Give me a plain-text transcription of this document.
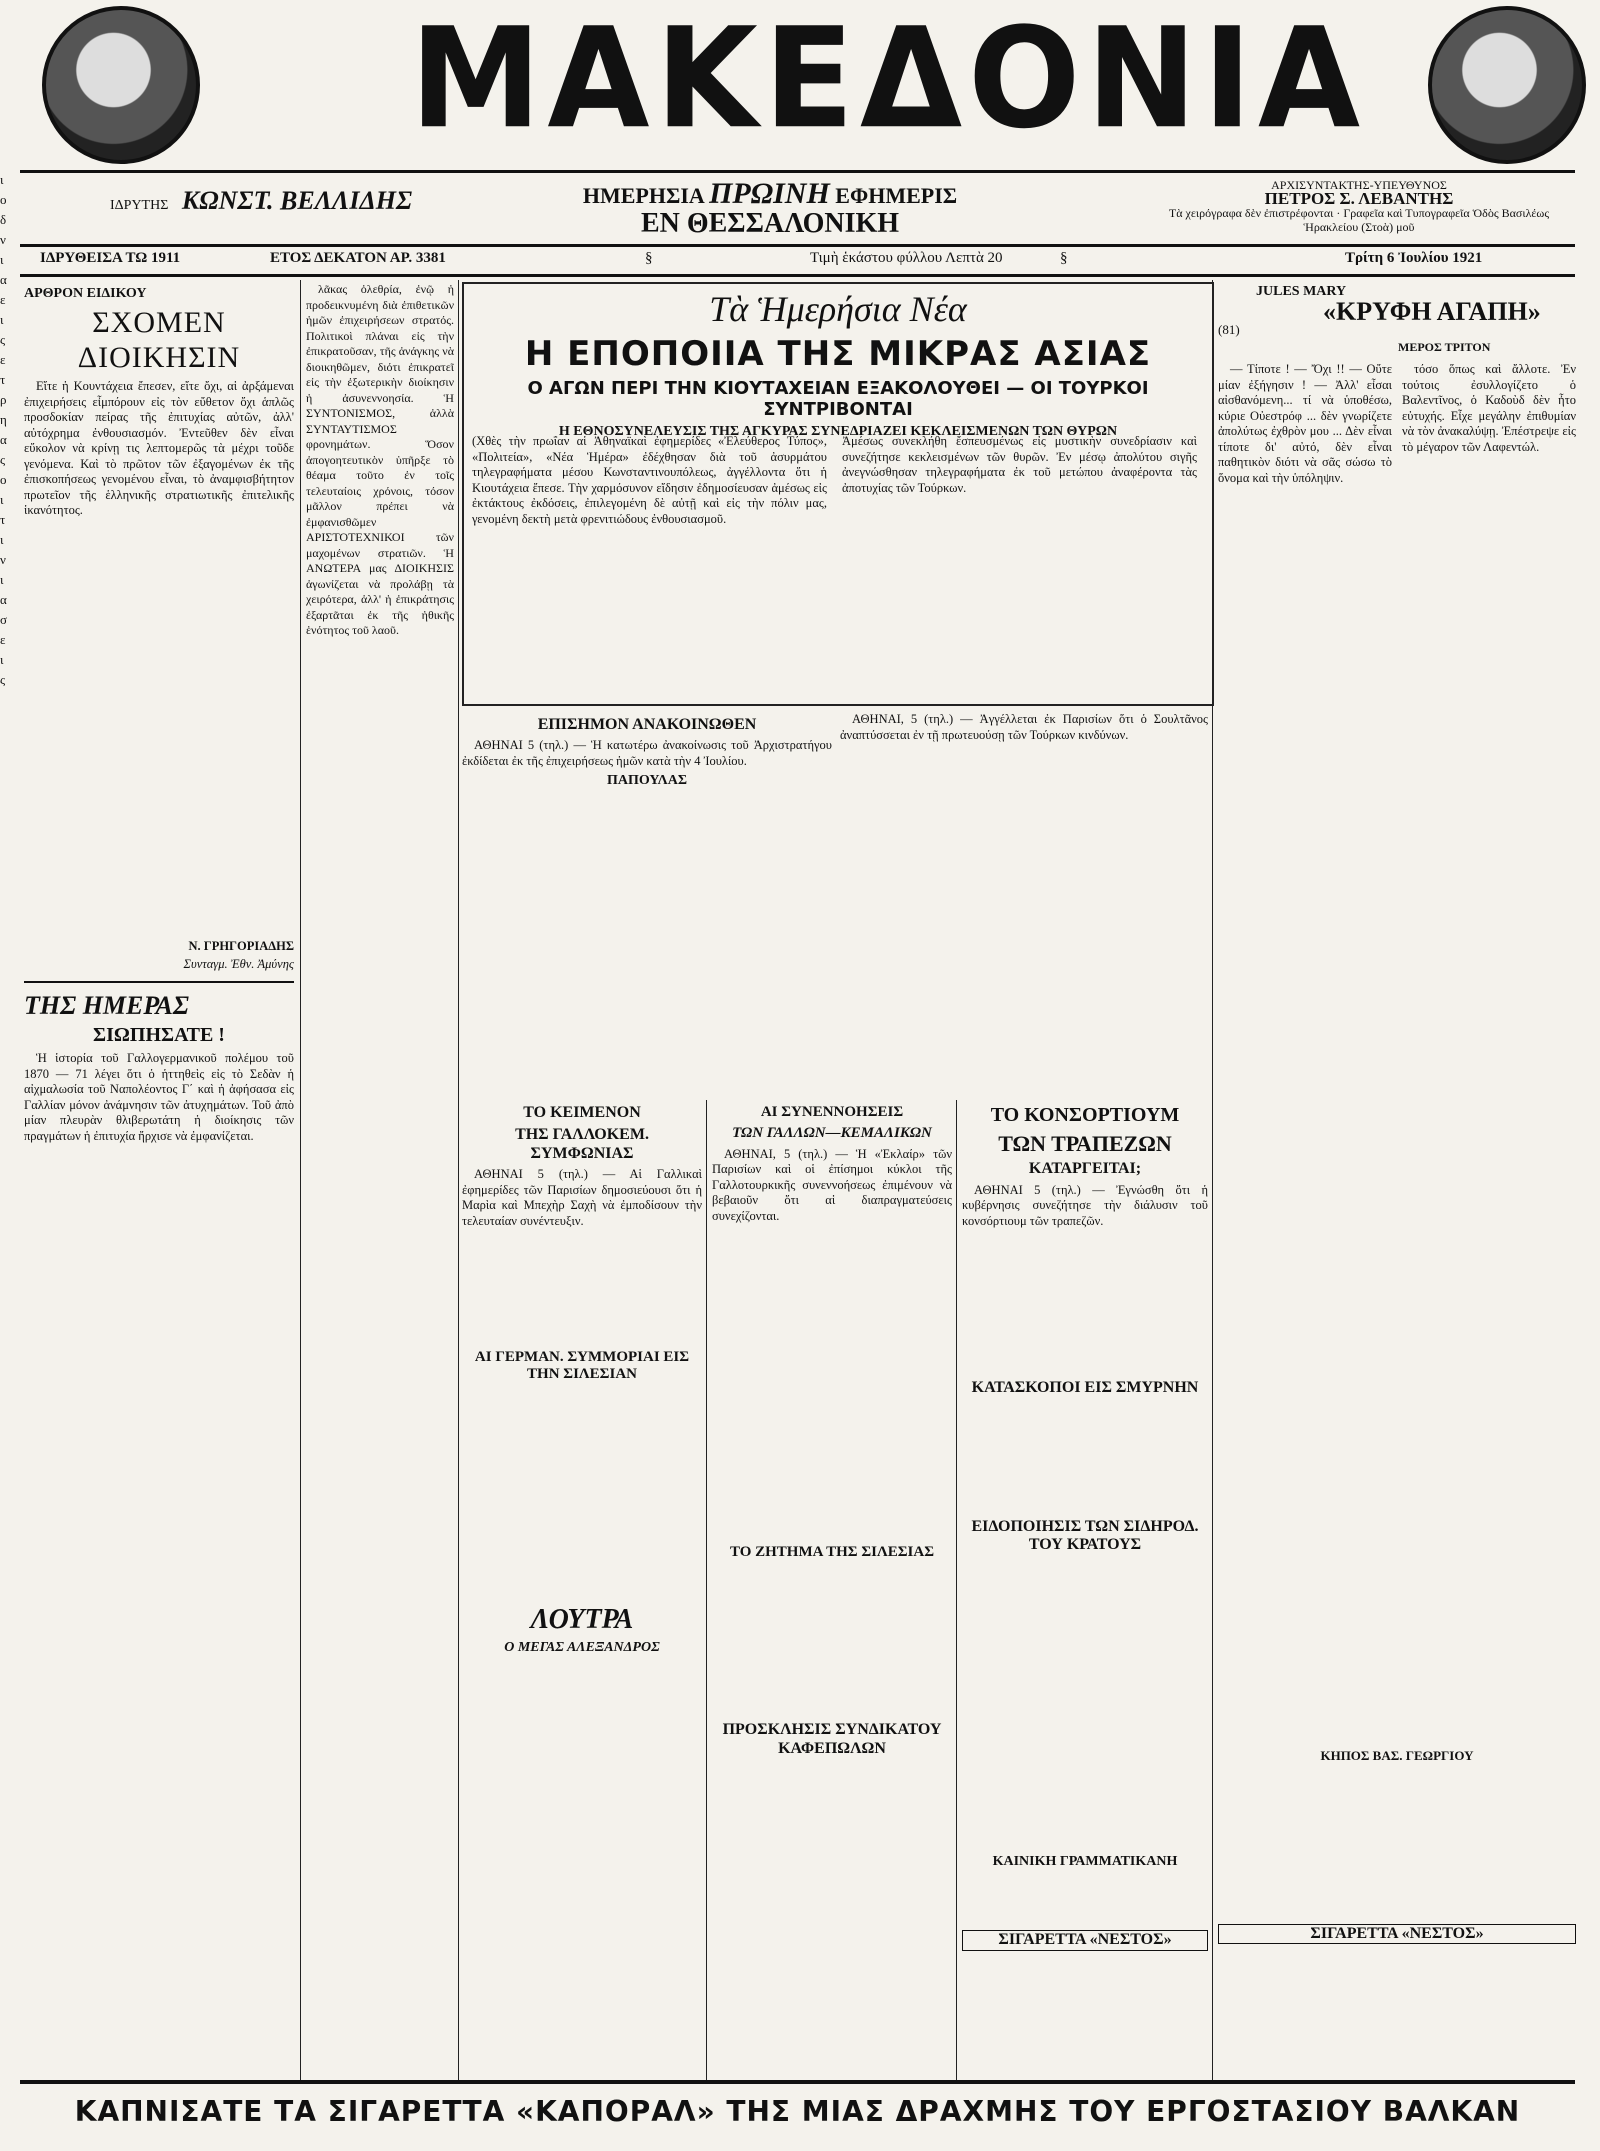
ι
ο
δ
ν
ι
α
ε
ι
ς
ε
τ
ρ
η
α
ς
ο
ι
τ
ι
ν
ι
α
σ
ε
ι
ς
ΜΑΚΕΔΟΝΙΑ
ΙΔΡΥΤΗΣ ΚΩΝΣΤ. ΒΕΛΛΙΔΗΣ	ΗΜΕΡΗΣΙΑ ΠΡΩΙΝΗ ΕΦΗΜΕΡΙΣ
ΕΝ ΘΕΣΣΑΛΟΝΙΚΗ
ΑΡΧΙΣΥΝΤΑΚΤΗΣ-ΥΠΕΥΘΥΝΟΣ
ΠΕΤΡΟΣ Σ. ΛΕΒΑΝΤΗΣ
Τὰ χειρόγραφα δὲν ἐπιστρέφονται · Γραφεῖα καὶ Τυπογραφεῖα Ὁδὸς Βασιλέως Ἡρακλείου (Στοὰ) μοῦ
ΙΔΡΥΘΕΙΣΑ ΤΩ 1911	ΕΤΟΣ ΔΕΚΑΤΟΝ ΑΡ. 3381	§	Τιμὴ ἑκάστου φύλλου Λεπτὰ 20	§	Τρίτη 6 Ἰουλίου 1921
ΑΡΘΡΟΝ ΕΙΔΙΚΟΥ
ΣΧΟΜΕΝ ΔΙΟΙΚΗΣΙΝ

Εἴτε ἡ Κουντάχεια ἔπεσεν, εἴτε ὄχι, αἱ ἀρξάμεναι ἐπιχειρήσεις εἶμπόρουν εἰς τὸν εὔθετον ὄχι ἁπλῶς προσδοκίαν πείρας τῆς ἐπιτυχίας αὐτῶν, ἀλλ' αὐτόχρημα ἐνθουσιασμόν. Ἐντεῦθεν δὲν εἶναι εὔκολον νὰ κρίνῃ τις λεπτομερῶς τὰ μέχρι τοῦδε γενόμενα. Καὶ τὸ πρῶτον τῶν ἐξαγομένων ἐκ τῆς ἐπισκοπήσεως γενομένου εἶναι, τὸ ἀναμφισβήτητον πρωτεῖον τῆς ἑλληνικῆς στρατιωτικῆς ἐπιτελικῆς ἱκανότητος.

Ν. ΓΡΗΓΟΡΙΑΔΗΣ

Συνταγμ. Ἐθν. Ἀμύνης

ΤΗΣ ΗΜΕΡΑΣ
ΣΙΩΠΗΣΑΤΕ !

Ἡ ἱστορία τοῦ Γαλλογερμανικοῦ πολέμου τοῦ 1870 — 71 λέγει ὅτι ὁ ἡττηθεὶς εἰς τὸ Σεδὰν ἡ αἰχμαλωσία τοῦ Ναπολέοντος Γ΄ καὶ ἡ ἀφήσασα εἰς Γαλλίαν μόνον ἀνάμνησιν τῶν ἀτυχημάτων. Τοῦ ἀπὸ μίαν πλευρὰν θλιβερωτάτη ἡ διοίκησις τῶν πραγμάτων ἡ ἐπιτυχία ἤρχισε νὰ ἐμφανίζεται.

λᾶκας ὀλεθρία, ἐνῷ ἡ προδεικνυμένη διὰ ἐπιθετικῶν ἡμῶν ἐπιχειρήσεων στρατός. Πολιτικοὶ πλάναι εἰς τὴν ἐπικρατοῦσαν, τῆς ἀνάγκης νὰ διοικηθῶμεν, διότι ἐπικρατεῖ εἰς τὴν ἐξωτερικὴν διοίκησιν ἡ ἀσυνεννοησία. Ἡ ΣΥΝΤΟΝΙΣΜΟΣ, ἀλλὰ ΣΥΝΤΑΥΤΙΣΜΟΣ φρονημάτων. Ὅσον ἀπογοητευτικὸν ὑπῆρξε τὸ θέαμα τοῦτο ἐν τοῖς τελευταίοις χρόνοις, τόσον μᾶλλον πρέπει νὰ ἐμφανισθῶμεν ΑΡΙΣΤΟΤΕΧΝΙΚΟΙ τῶν μαχομένων στρατιῶν. Ἡ ΑΝΩΤΕΡΑ μας ΔΙΟΙΚΗΣΙΣ ἀγωνίζεται νὰ προλάβῃ τὰ χειρότερα, ἀλλ' ἡ ἐπικράτησις ἐξαρτᾶται ἐκ τῆς ἡθικῆς ἑνότητος τοῦ λαοῦ.

Τὰ Ἡμερήσια Νέα
Η ΕΠΟΠΟΙΙΑ ΤΗΣ ΜΙΚΡΑΣ ΑΣΙΑΣ
Ο ΑΓΩΝ ΠΕΡΙ ΤΗΝ ΚΙΟΥΤΑΧΕΙΑΝ ΕΞΑΚΟΛΟΥΘΕΙ — ΟΙ ΤΟΥΡΚΟΙ ΣΥΝΤΡΙΒΟΝΤΑΙ
Η ΕΘΝΟΣΥΝΕΛΕΥΣΙΣ ΤΗΣ ΑΓΚΥΡΑΣ ΣΥΝΕΔΡΙΑΖΕΙ ΚΕΚΛΕΙΣΜΕΝΩΝ ΤΩΝ ΘΥΡΩΝ
(Χθὲς τὴν πρωΐαν αἱ Ἀθηναϊκαὶ ἐφημερίδες «Ἐλεύθερος Τύπος», «Πολιτεία», «Νέα Ἡμέρα» ἐδέχθησαν διὰ τοῦ ἀσυρμάτου τηλεγραφήματα μέσου Κωνσταντινουπόλεως, ἀγγέλλοντα ὅτι ἡ Κιουτάχεια ἔπεσε. Τὴν χαρμόσυνον εἴδησιν ἐδημοσίευσαν ἀμέσως εἰς ἐκτάκτους ἐκδόσεις, ἐπιλεγομένη δὲ αὐτῇ καὶ εἰς τὴν πόλιν μας, γενομένη δεκτὴ μετὰ φρενιτιώδους ἐνθουσιασμοῦ.
Ἀμέσως συνεκλήθη ἔσπευσμένως εἰς μυστικὴν συνεδρίασιν καὶ συνεζήτησε κεκλεισμένων τῶν θυρῶν. Ἐν μέσῳ ἀπολύτου σιγῆς ἀνεγνώσθησαν τηλεγραφήματα ἐκ τοῦ μετώπου ἀναφέροντα τὰς ἀποτυχίας τῶν Τούρκων.
ΕΠΙΣΗΜΟΝ ΑΝΑΚΟΙΝΩΘΕΝ

ΑΘΗΝΑΙ 5 (τηλ.) — Ἡ κατωτέρω ἀνακοίνωσις τοῦ Ἀρχιστρατήγου ἐκδίδεται ἐκ τῆς ἐπιχειρήσεως ἡμῶν κατὰ τὴν 4 Ἰουλίου.

ΠΑΠΟΥΛΑΣ

ΑΘΗΝΑΙ, 5 (τηλ.) — Ἀγγέλλεται ἐκ Παρισίων ὅτι ὁ Σουλτᾶνος ἀναπτύσσεται ἐν τῇ πρωτευούσῃ τῶν Τούρκων κινδύνων.

ΤΟ ΚΕΙΜΕΝΟΝ
ΤΗΣ ΓΑΛΛΟΚΕΜ. ΣΥΜΦΩΝΙΑΣ

ΑΘΗΝΑΙ 5 (τηλ.) — Αἱ Γαλλικαὶ ἐφημερίδες τῶν Παρισίων δημοσιεύουσι ὅτι ἡ Μαρὶα καὶ Μπεχὴρ Σαχὴ νὰ ἐμποδίσουν τὴν τελευταίαν συνέντευξιν.

ΑΙ ΓΕΡΜΑΝ. ΣΥΜΜΟΡΙΑΙ ΕΙΣ ΤΗΝ ΣΙΛΕΣΙΑΝ
ΛΟΥΤΡΑ
Ο ΜΕΓΑΣ ΑΛΕΞΑΝΔΡΟΣ
ΑΙ ΣΥΝΕΝΝΟΗΣΕΙΣ
ΤΩΝ ΓΑΛΛΩΝ—ΚΕΜΑΛΙΚΩΝ

ΑΘΗΝΑΙ, 5 (τηλ.) — Ἡ «Ἐκλαίρ» τῶν Παρισίων καὶ οἱ ἐπίσημοι κύκλοι τῆς Γαλλοτουρκικῆς συνεννοήσεως ἐπιμένουν νὰ βεβαιοῦν ὅτι αἱ διαπραγματεύσεις συνεχίζονται.

ΤΟ ΖΗΤΗΜΑ ΤΗΣ ΣΙΛΕΣΙΑΣ
ΠΡΟΣΚΛΗΣΙΣ ΣΥΝΔΙΚΑΤΟΥ ΚΑΦΕΠΩΛΩΝ
ΤΟ ΚΟΝΣΟΡΤΙΟΥΜ
ΤΩΝ ΤΡΑΠΕΖΩΝ
ΚΑΤΑΡΓΕΙΤΑΙ;

ΑΘΗΝΑΙ 5 (τηλ.) — Ἐγνώσθη ὅτι ἡ κυβέρνησις συνεζήτησε τὴν διάλυσιν τοῦ κονσόρτιουμ τῶν τραπεζῶν.

ΚΑΤΑΣΚΟΠΟΙ ΕΙΣ ΣΜΥΡΝΗΝ
ΕΙΔΟΠΟΙΗΣΙΣ ΤΩΝ ΣΙΔΗΡΟΔ. ΤΟΥ ΚΡΑΤΟΥΣ
ΚΑΙΝΙΚΗ ΓΡΑΜΜΑΤΙΚΑΝΗ
ΣΙΓΑΡΕΤΤΑ «ΝΕΣΤΟΣ»
JULES MARY
(81)
«ΚΡΥΦΗ ΑΓΑΠΗ»
ΜΕΡΟΣ ΤΡΙΤΟΝ

— Τίποτε ! — Ὄχι !! — Οὔτε μίαν ἐξήγησιν ! — Ἀλλ' εἶσαι αἰσθανόμενη... τί νὰ ὑποθέσω, κύριε Οὐεστρόφ ... δὲν γνωρίζετε ἀπολύτως ἐχθρὸν μου ... Δὲν εἶναι τίποτε δι' αὐτό, δὲν εἶναι παθητικὸν διότι νὰ σᾶς σώσω τὸ ὅνομα καὶ τὴν ὑπόληψιν.

τόσο ὅπως καὶ ἄλλοτε. Ἐν τούτοις ἐσυλλογίζετο ὁ Βαλεντῖνος, ὁ Καδοὺδ δὲν ἦτο εὐτυχής. Εἶχε μεγάλην ἐπιθυμίαν νὰ τὸν ἀνακαλύψῃ. Ἐπέστρεψε εἰς τὸ μέγαρον τῶν Λαφεντώλ.

ΚΗΠΟΣ ΒΑΣ. ΓΕΩΡΓΙΟΥ
ΣΙΓΑΡΕΤΤΑ «ΝΕΣΤΟΣ»
ΚΑΠΝΙΣΑΤΕ ΤΑ ΣΙΓΑΡΕΤΤΑ «ΚΑΠΟΡΑΛ» ΤΗΣ ΜΙΑΣ ΔΡΑΧΜΗΣ ΤΟΥ ΕΡΓΟΣΤΑΣΙΟΥ ΒΑΛΚΑΝ
